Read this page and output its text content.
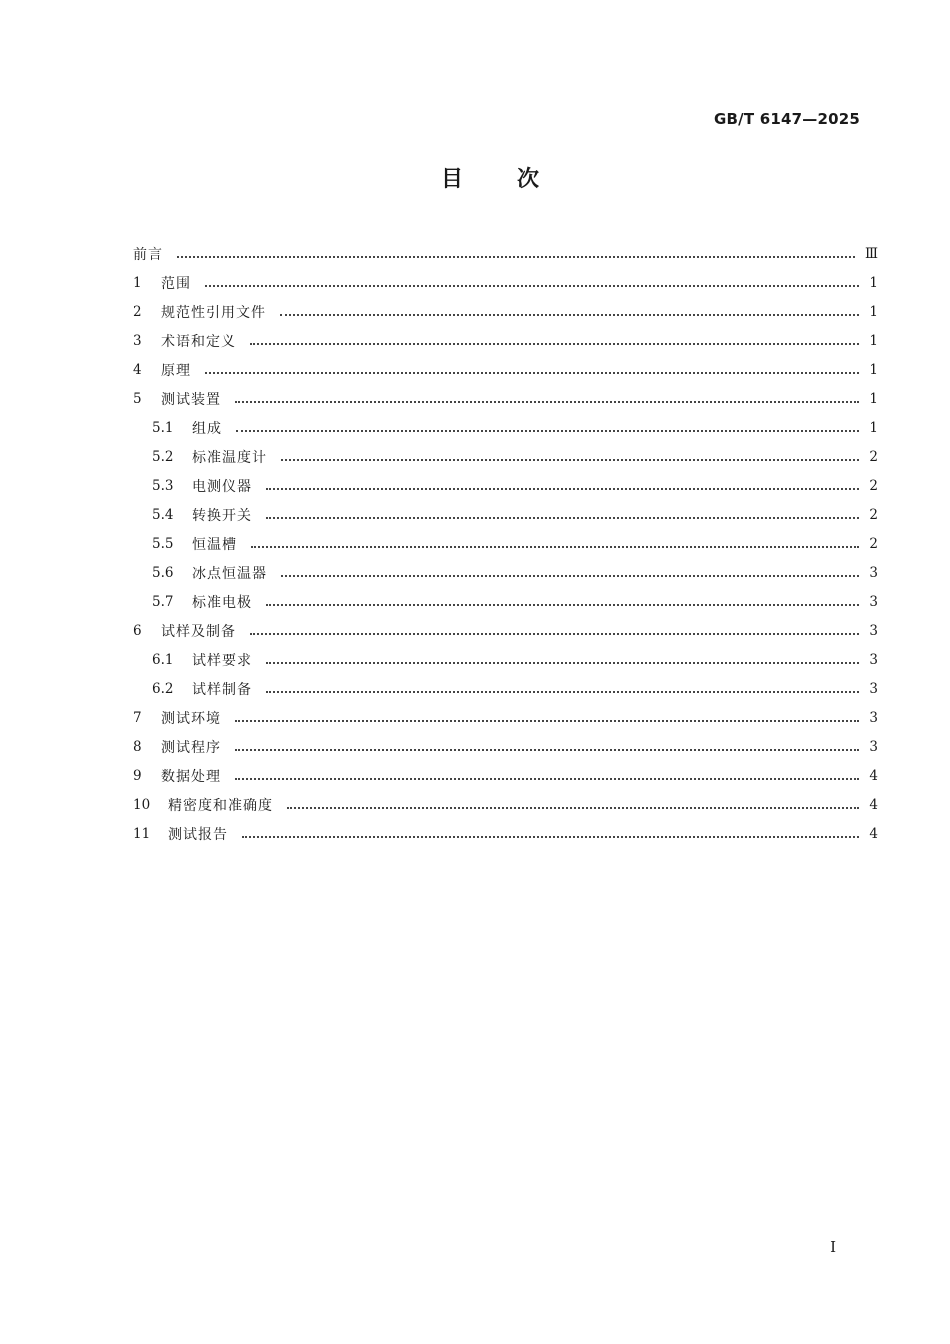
GB/T 6147—2025
目 次
前言	Ⅲ
1	范围	1
2	规范性引用文件	1
3	术语和定义	1
4	原理	1
5	测试装置	1
5.1	组成	1
5.2	标准温度计	2
5.3	电测仪器	2
5.4	转换开关	2
5.5	恒温槽	2
5.6	冰点恒温器	3
5.7	标准电极	3
6	试样及制备	3
6.1	试样要求	3
6.2	试样制备	3
7	测试环境	3
8	测试程序	3
9	数据处理	4
10	精密度和准确度	4
11	测试报告	4
Ⅰ
